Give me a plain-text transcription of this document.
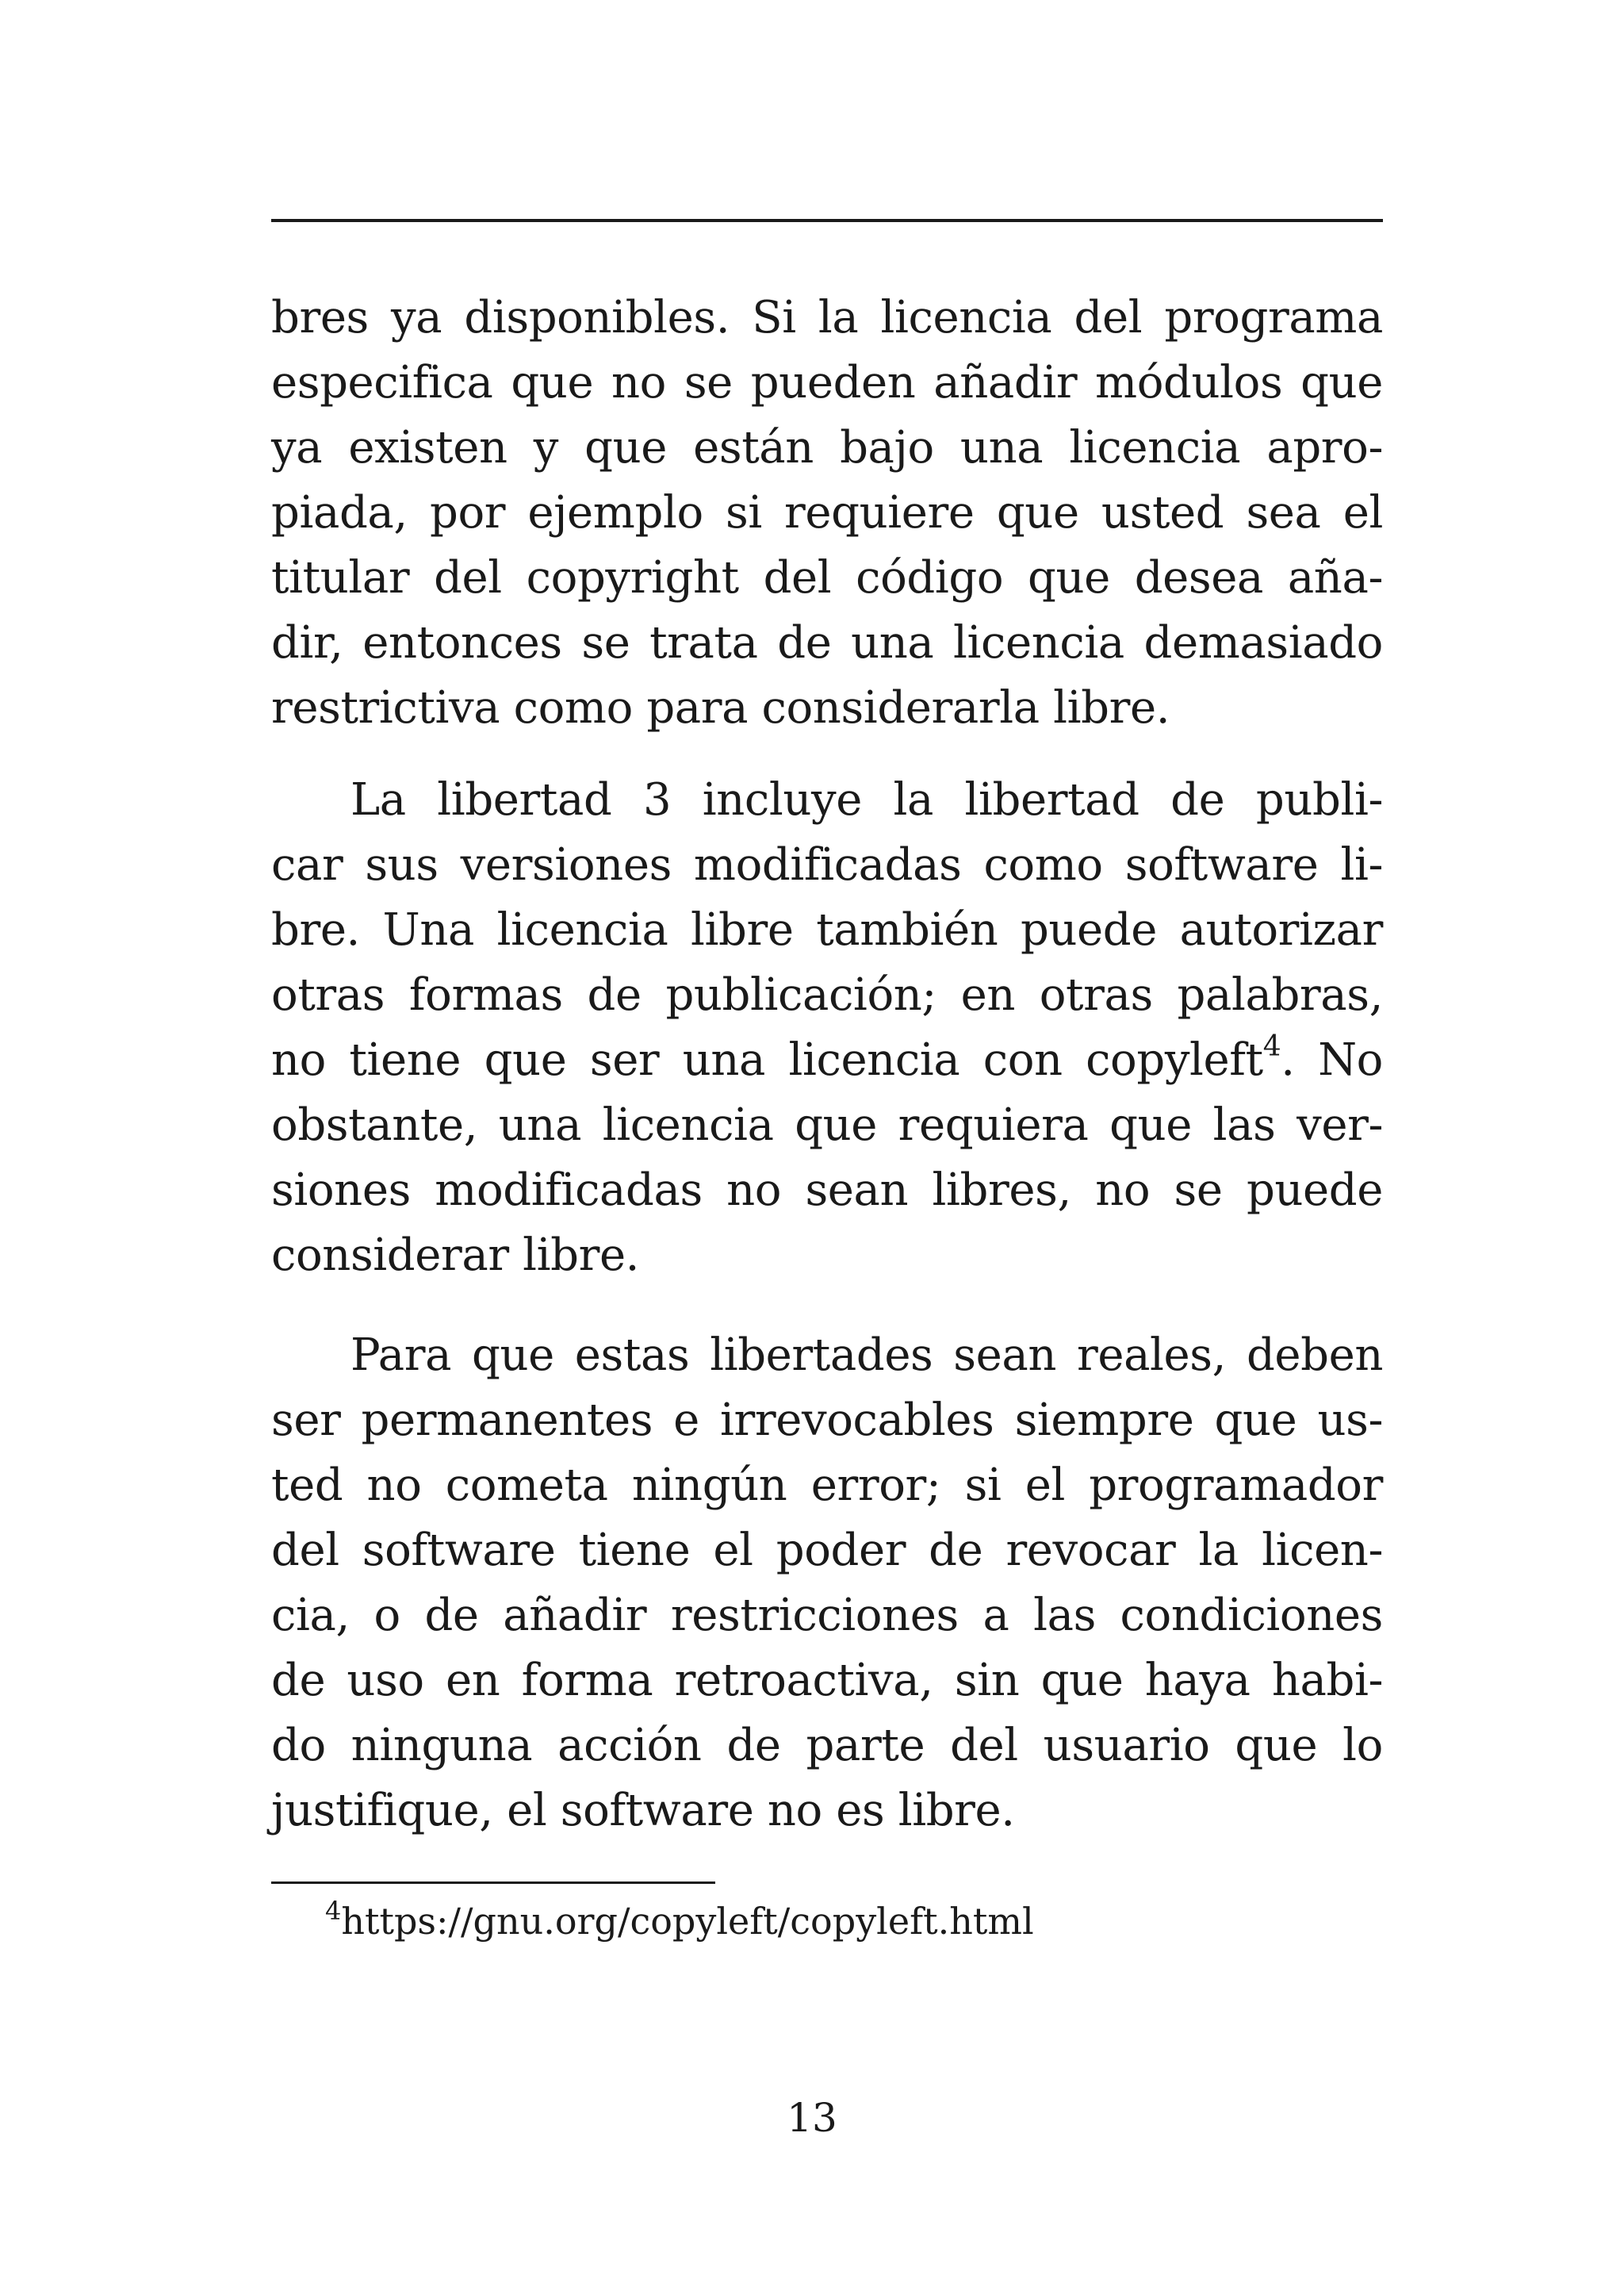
bres ya disponibles. Si la licencia del programa
especifica que no se pueden añadir módulos que
ya existen y que están bajo una licencia apro-
piada, por ejemplo si requiere que usted sea el
titular del copyright del código que desea aña-
dir, entonces se trata de una licencia demasiado
restrictiva como para considerarla libre.
La libertad 3 incluye la libertad de publi-
car sus versiones modificadas como software li-
bre. Una licencia libre también puede autorizar
otras formas de publicación; en otras palabras,
no tiene que ser una licencia con copyleft$^4$. No
obstante, una licencia que requiera que las ver-
siones modificadas no sean libres, no se puede
considerar libre.
Para que estas libertades sean reales, deben
ser permanentes e irrevocables siempre que us-
ted no cometa ningún error; si el programador
del software tiene el poder de revocar la licen-
cia, o de añadir restricciones a las condiciones
de uso en forma retroactiva, sin que haya habi-
do ninguna acción de parte del usuario que lo
justifique, el software no es libre.
$^4$https://gnu.org/copyleft/copyleft.html
13
